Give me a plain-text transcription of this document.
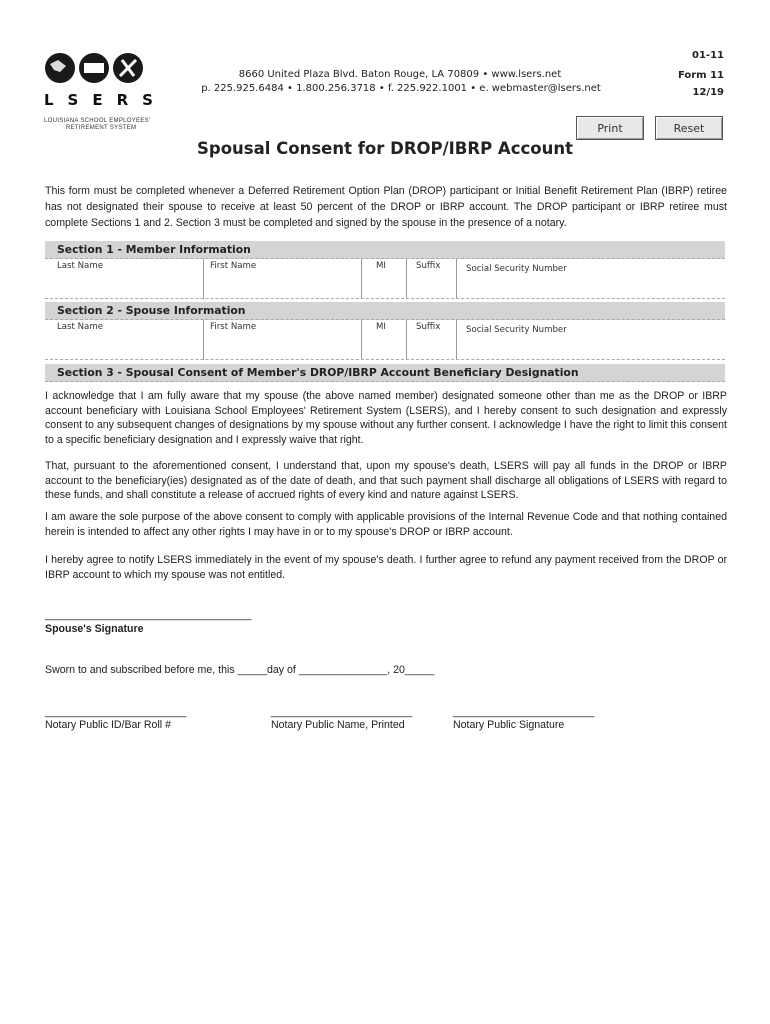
LSERS
LOUISIANA SCHOOL EMPLOYEES'
RETIREMENT SYSTEM
8660 United Plaza Blvd. Baton Rouge, LA 70809 • www.lsers.net
p. 225.925.6484 • 1.800.256.3718 • f. 225.922.1001 • e. webmaster@lsers.net
01-11
Form 11
12/19
Print	Reset
Spousal Consent for DROP/IBRP Account
This form must be completed whenever a Deferred Retirement Option Plan (DROP) participant or Initial Benefit Retirement Plan (IBRP) retiree has not designated their spouse to receive at least 50 percent of the DROP or IBRP account. The DROP participant or IBRP retiree must complete Sections 1 and 2. Section 3 must be completed and signed by the spouse in the presence of a notary.
Section 1 - Member Information
Last Name	First Name	MI	Suffix	Social Security Number
Section 2 - Spouse Information
Last Name	First Name	MI	Suffix	Social Security Number
Section 3 - Spousal Consent of Member's DROP/IBRP Account Beneficiary Designation
I acknowledge that I am fully aware that my spouse (the above named member) designated someone other than me as the DROP or IBRP account beneficiary with Louisiana School Employees' Retirement System (LSERS), and I hereby consent to such designation and expressly consent to any subsequent changes of designations by my spouse without any further consent. I acknowledge I have the right to limit this consent to a specific beneficiary designation and I expressly waive that right.
That, pursuant to the aforementioned consent, I understand that, upon my spouse's death, LSERS will pay all funds in the DROP or IBRP account to the beneficiary(ies) designated as of the date of death, and that such payment shall discharge all obligations of LSERS with regard to these funds, and shall constitute a release of accrued rights of every kind and nature against LSERS.
I am aware the sole purpose of the above consent to comply with applicable provisions of the Internal Revenue Code and that nothing contained herein is intended to affect any other rights I may have in or to my spouse's DROP or IBRP account.
I hereby agree to notify LSERS immediately in the event of my spouse's death. I further agree to refund any payment received from the DROP or IBRP account to which my spouse was not entitled.
___________________________________
Spouse's Signature
Sworn to and subscribed before me, this _____day of _______________, 20_____
________________________	________________________	________________________
Notary Public ID/Bar Roll #	Notary Public Name, Printed	Notary Public Signature
